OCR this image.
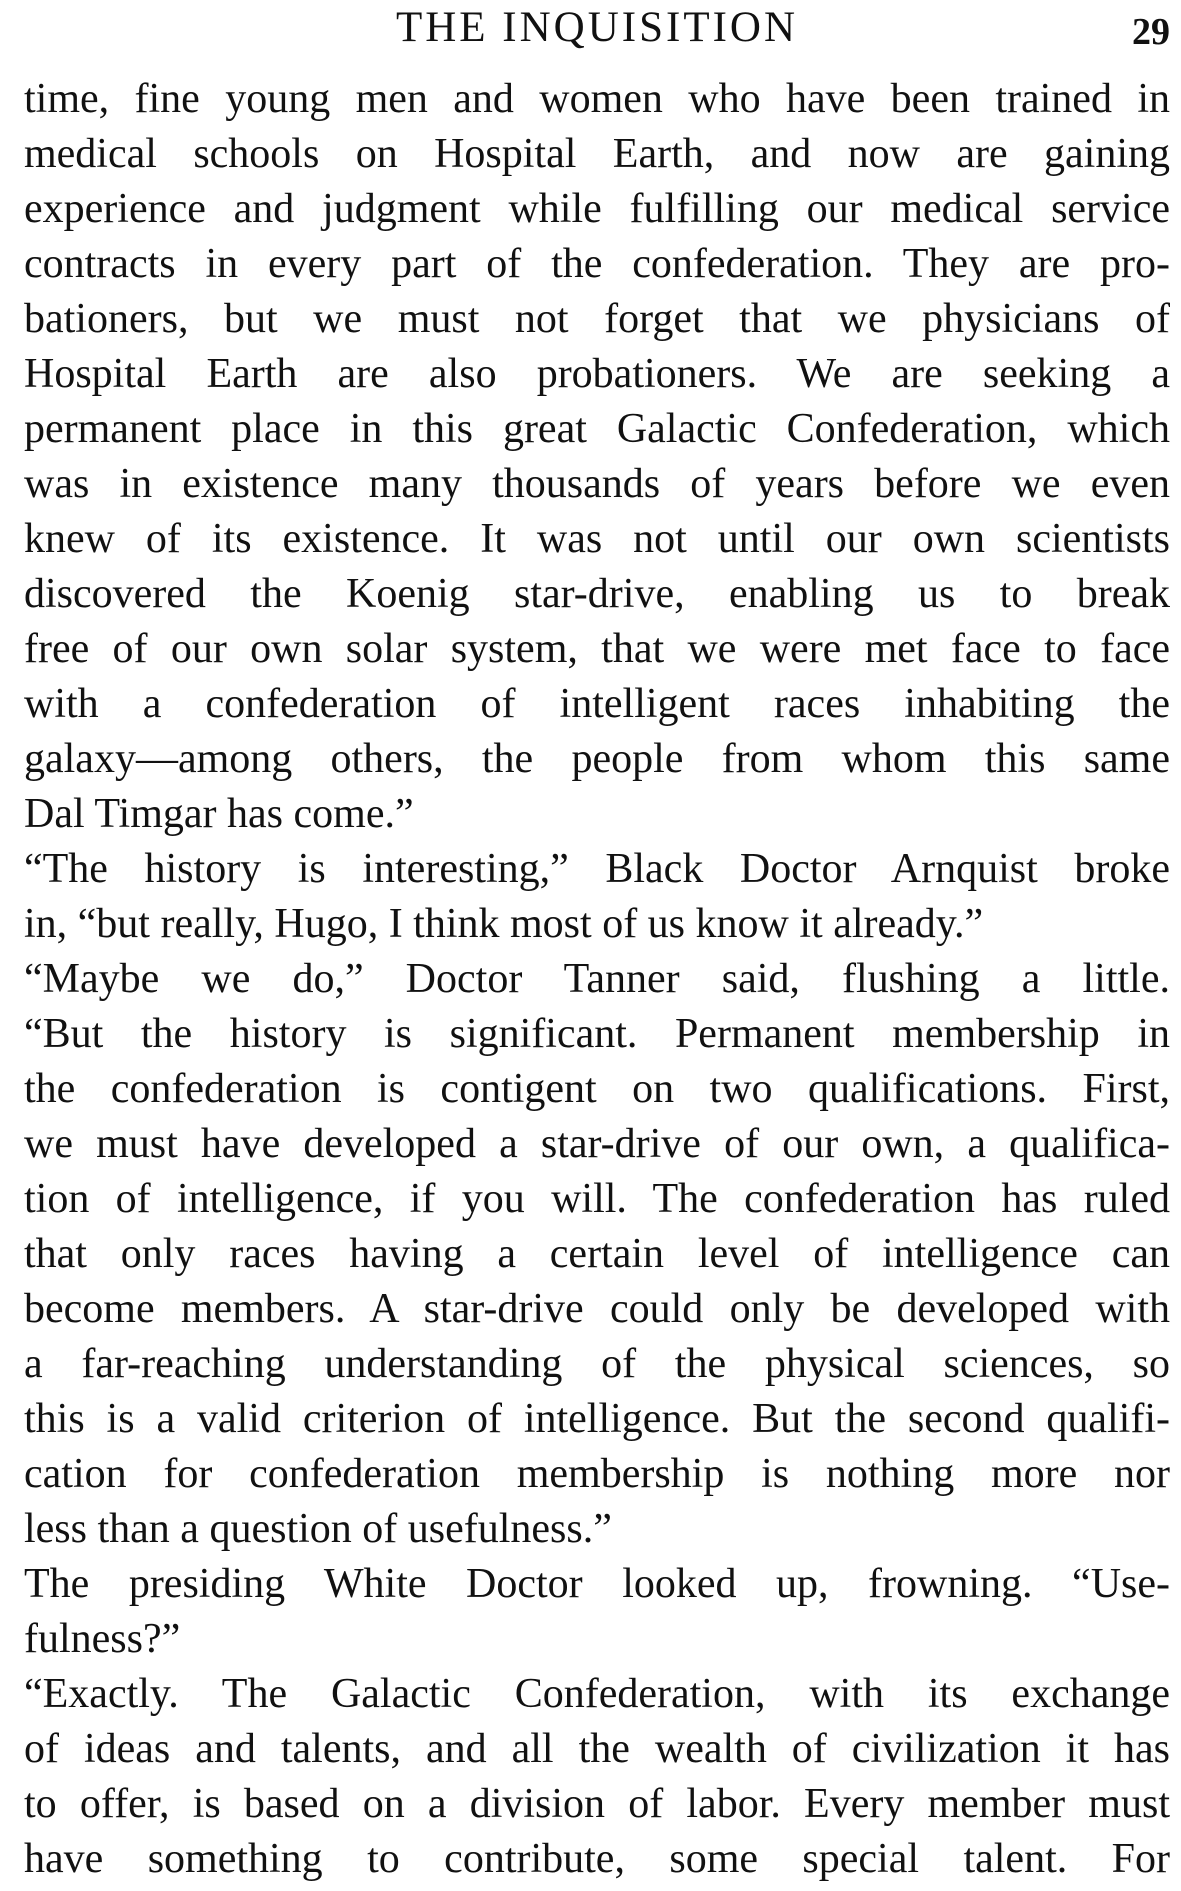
THE INQUISITION	29
time, fine young men and women who have been trained in
medical schools on Hospital Earth, and now are gaining
experience and judgment while fulfilling our medical service
contracts in every part of the confederation. They are pro-
bationers, but we must not forget that we physicians of
Hospital Earth are also probationers. We are seeking a
permanent place in this great Galactic Confederation, which
was in existence many thousands of years before we even
knew of its existence. It was not until our own scientists
discovered the Koenig star-drive, enabling us to break
free of our own solar system, that we were met face to face
with a confederation of intelligent races inhabiting the
galaxy—among others, the people from whom this same
Dal Timgar has come.”
“The history is interesting,” Black Doctor Arnquist broke
in, “but really, Hugo, I think most of us know it already.”
“Maybe we do,” Doctor Tanner said, flushing a little.
“But the history is significant. Permanent membership in
the confederation is contigent on two qualifications. First,
we must have developed a star-drive of our own, a qualifica-
tion of intelligence, if you will. The confederation has ruled
that only races having a certain level of intelligence can
become members. A star-drive could only be developed with
a far-reaching understanding of the physical sciences, so
this is a valid criterion of intelligence. But the second qualifi-
cation for confederation membership is nothing more nor
less than a question of usefulness.”
The presiding White Doctor looked up, frowning. “Use-
fulness?”
“Exactly. The Galactic Confederation, with its exchange
of ideas and talents, and all the wealth of civilization it has
to offer, is based on a division of labor. Every member must
have something to contribute, some special talent. For
